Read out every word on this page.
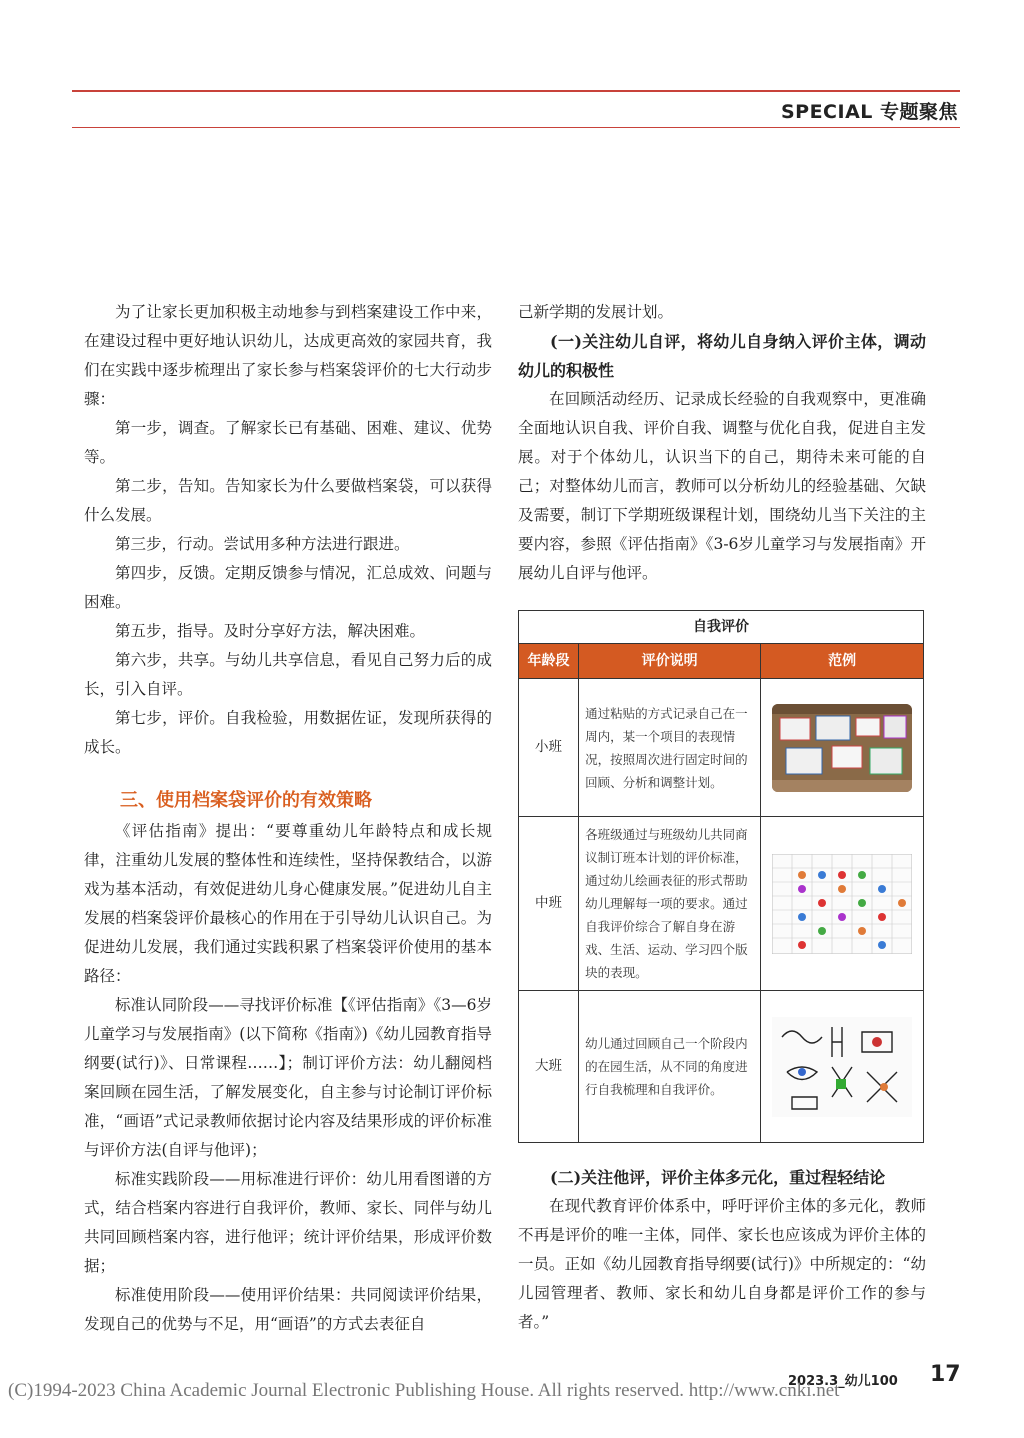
SPECIAL 专题聚焦

为了让家长更加积极主动地参与到档案建设工作中来，在建设过程中更好地认识幼儿，达成更高效的家园共育，我们在实践中逐步梳理出了家长参与档案袋评价的七大行动步骤：

第一步，调查。了解家长已有基础、困难、建议、优势等。

第二步，告知。告知家长为什么要做档案袋，可以获得什么发展。

第三步，行动。尝试用多种方法进行跟进。

第四步，反馈。定期反馈参与情况，汇总成效、问题与困难。

第五步，指导。及时分享好方法，解决困难。

第六步，共享。与幼儿共享信息，看见自己努力后的成长，引入自评。

第七步，评价。自我检验，用数据佐证，发现所获得的成长。

三、使用档案袋评价的有效策略

《评估指南》提出：“要尊重幼儿年龄特点和成长规律，注重幼儿发展的整体性和连续性，坚持保教结合，以游戏为基本活动，有效促进幼儿身心健康发展。”促进幼儿自主发展的档案袋评价最核心的作用在于引导幼儿认识自己。为促进幼儿发展，我们通过实践积累了档案袋评价使用的基本路径：

标准认同阶段——寻找评价标准【《评估指南》《3—6岁儿童学习与发展指南》(以下简称《指南》)《幼儿园教育指导纲要(试行)》、日常课程……】；制订评价方法：幼儿翻阅档案回顾在园生活，了解发展变化，自主参与讨论制订评价标准，“画语”式记录教师依据讨论内容及结果形成的评价标准与评价方法(自评与他评)；

标准实践阶段——用标准进行评价：幼儿用看图谱的方式，结合档案内容进行自我评价，教师、家长、同伴与幼儿共同回顾档案内容，进行他评；统计评价结果，形成评价数据；

标准使用阶段——使用评价结果：共同阅读评价结果，发现自己的优势与不足，用“画语”的方式去表征自

己新学期的发展计划。

(一)关注幼儿自评，将幼儿自身纳入评价主体，调动幼儿的积极性

在回顾活动经历、记录成长经验的自我观察中，更准确全面地认识自我、评价自我、调整与优化自我，促进自主发展。对于个体幼儿，认识当下的自己，期待未来可能的自己；对整体幼儿而言，教师可以分析幼儿的经验基础、欠缺及需要，制订下学期班级课程计划，围绕幼儿当下关注的主要内容，参照《评估指南》《3-6岁儿童学习与发展指南》开展幼儿自评与他评。

自我评价		
年龄段	评价说明	范例
小班	通过粘贴的方式记录自己在一周内，某一个项目的表现情况，按照周次进行固定时间的回顾、分析和调整计划。	

中班	各班级通过与班级幼儿共同商议制订班本计划的评价标准，通过幼儿绘画表征的形式帮助幼儿理解每一项的要求。通过自我评价综合了解自身在游戏、生活、运动、学习四个版块的表现。	

大班	幼儿通过回顾自己一个阶段内的在园生活，从不同的角度进行自我梳理和自我评价。	

(二)关注他评，评价主体多元化，重过程轻结论

在现代教育评价体系中，呼吁评价主体的多元化，教师不再是评价的唯一主体，同伴、家长也应该成为评价主体的一员。正如《幼儿园教育指导纲要(试行)》中所规定的：“幼儿园管理者、教师、家长和幼儿自身都是评价工作的参与者。”

2023.3_幼儿100 17
(C)1994-2023 China Academic Journal Electronic Publishing House. All rights reserved. http://www.cnki.net
